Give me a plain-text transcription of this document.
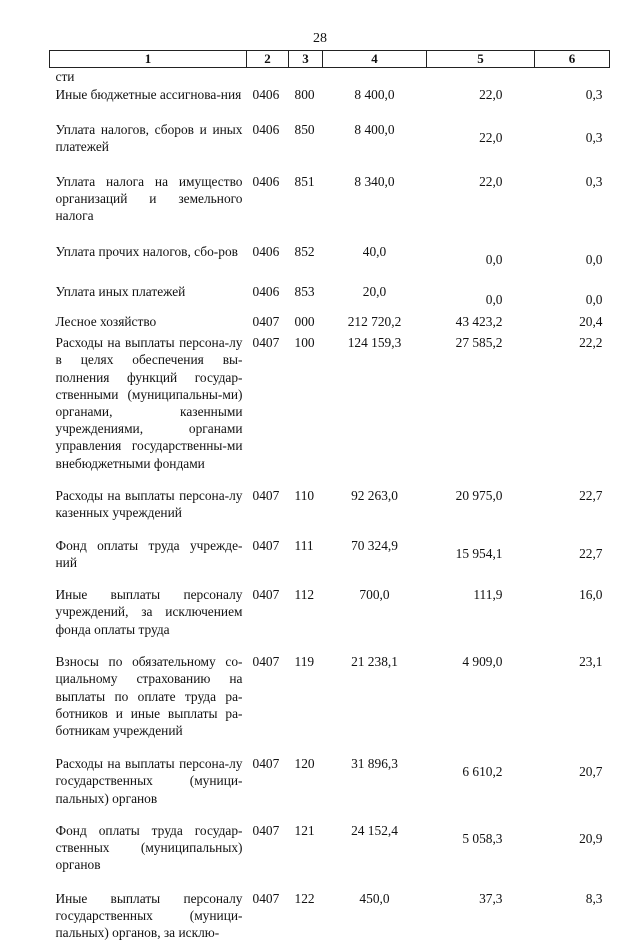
28
1	2	3	4	5	6
сти					
Иные бюджетные ассигнова-ния	0406	800	8 400,0	22,0	0,3
Уплата налогов, сборов и иных платежей	0406	850	8 400,0	22,0	0,3
Уплата налога на имущество организаций и земельного налога	0406	851	8 340,0	22,0	0,3
Уплата прочих налогов, сбо-ров	0406	852	40,0	0,0	0,0
Уплата иных платежей	0406	853	20,0	0,0	0,0
Лесное хозяйство	0407	000	212 720,2	43 423,2	20,4
Расходы на выплаты персона-лу в целях обеспечения вы-полнения функций государ-ственными (муниципальны-ми) органами, казенными учреждениями, органами управления государственны-ми внебюджетными фондами	0407	100	124 159,3	27 585,2	22,2
Расходы на выплаты персона-лу казенных учреждений	0407	110	92 263,0	20 975,0	22,7
Фонд оплаты труда учрежде-ний	0407	111	70 324,9	15 954,1	22,7
Иные выплаты персоналу учреждений, за исключением фонда оплаты труда	0407	112	700,0	111,9	16,0
Взносы по обязательному со-циальному страхованию на выплаты по оплате труда ра-ботников и иные выплаты ра-ботникам учреждений	0407	119	21 238,1	4 909,0	23,1
Расходы на выплаты персона-лу государственных (муници-пальных) органов	0407	120	31 896,3	6 610,2	20,7
Фонд оплаты труда государ-ственных (муниципальных) органов	0407	121	24 152,4	5 058,3	20,9
Иные выплаты персоналу государственных (муници-пальных) органов, за исклю-	0407	122	450,0	37,3	8,3
